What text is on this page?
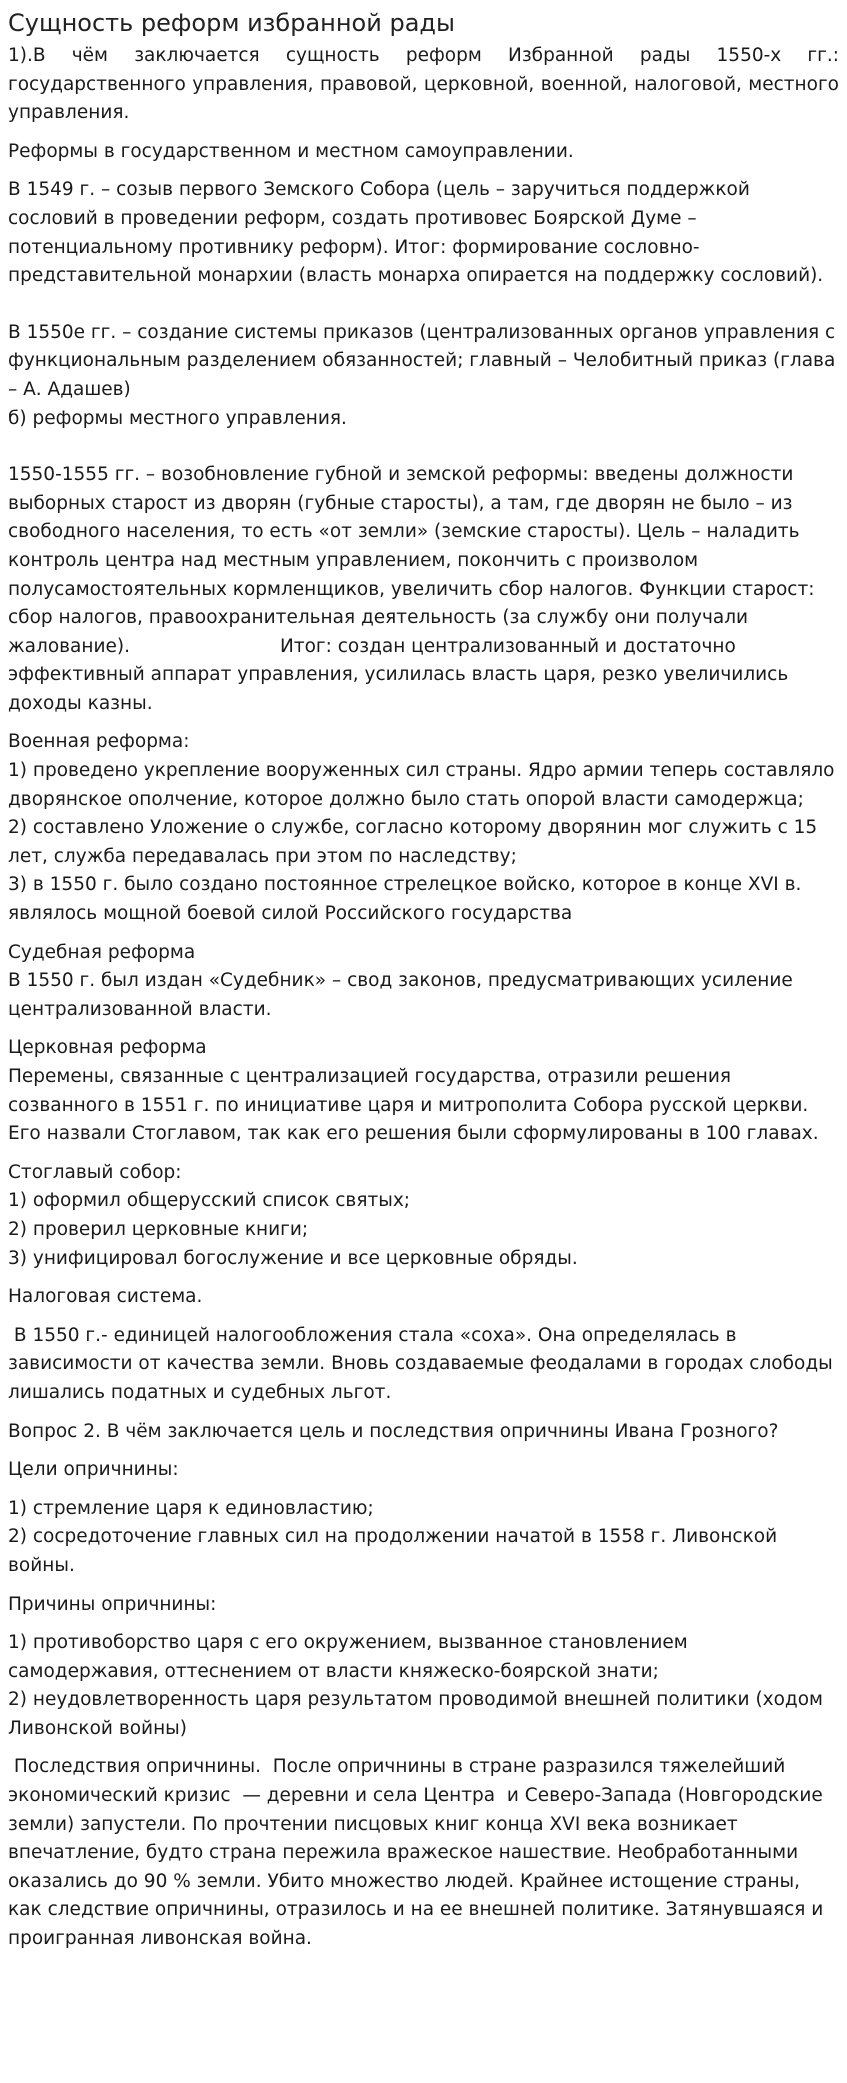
Сущность реформ избранной рады

1).В чём заключается сущность реформ Избранной рады 1550-х гг.: государственного управления, правовой, церковной, военной, налоговой, местного управления.

Реформы в государственном и местном самоуправлении.

В 1549 г. – созыв первого Земского Собора (цель – заручиться поддержкой сословий в проведении реформ, создать противовес Боярской Думе – потенциальному противнику реформ). Итог: формирование сословно-представительной монархии (власть монарха опирается на поддержку сословий).

В 1550е гг. – создание системы приказов (централизованных органов управления с функциональным разделением обязанностей; главный – Челобитный приказ (глава – А. Адашев)

б) реформы местного управления.

1550-1555 гг. – возобновление губной и земской реформы: введены должности выборных старост из дворян (губные старосты), а там, где дворян не было – из свободного населения, то есть «от земли» (земские старосты). Цель – наладить контроль центра над местным управлением, покончить с произволом полусамостоятельных кормленщиков, увеличить сбор налогов. Функции старост: сбор налогов, правоохранительная деятельность (за службу они получали жалование).	Итог: создан централизованный и достаточно эффективный аппарат управления, усилилась власть царя, резко увеличились доходы казны.

Военная реформа:
1) проведено укрепление вооруженных сил страны. Ядро армии теперь составляло дворянское ополчение, которое должно было стать опорой власти самодержца;
2) составлено Уложение о службе, согласно которому дворянин мог служить с 15 лет, служба передавалась при этом по наследству;
3) в 1550 г. было создано постоянное стрелецкое войско, которое в конце XVI в. являлось мощной боевой силой Российского государства
Судебная реформа
В 1550 г. был издан «Судебник» – свод законов, предусматривающих усиление централизованной власти.
Церковная реформа
Перемены, связанные с централизацией государства, отразили решения созванного в 1551 г. по инициативе царя и митрополита Собора русской церкви. Его назвали Стоглавом, так как его решения были сформулированы в 100 главах.
Стоглавый собор:
1) оформил общерусский список святых;
2) проверил церковные книги;
3) унифицировал богослужение и все церковные обряды.

Налоговая система.

В 1550 г.- единицей налогообложения стала «соха». Она определялась в зависимости от качества земли. Вновь создаваемые феодалами в городах слободы лишались податных и судебных льгот.

Вопрос 2. В чём заключается цель и последствия опричнины Ивана Грозного?

Цели опричнины:

1) стремление царя к единовластию;
2) сосредоточение главных сил на продолжении начатой в 1558 г. Ливонской войны.

Причины опричнины:

1) противоборство царя с его окружением, вызванное становлением самодержавия, оттеснением от власти княжеско-боярской знати;
2) неудовлетворенность царя результатом проводимой внешней политики (ходом Ливонской войны)

Последствия опричнины.  После опричнины в стране разразился тяжелейший экономический кризис  — деревни и села Центра  и Северо-Запада (Новгородские земли) запустели. По прочтении писцовых книг конца XVI века возникает впечатление, будто страна пережила вражеское нашествие. Необработанными оказались до 90 % земли. Убито множество людей. Крайнее истощение страны, как следствие опричнины, отразилось и на ее внешней политике. Затянувшаяся и проигранная ливонская война.
